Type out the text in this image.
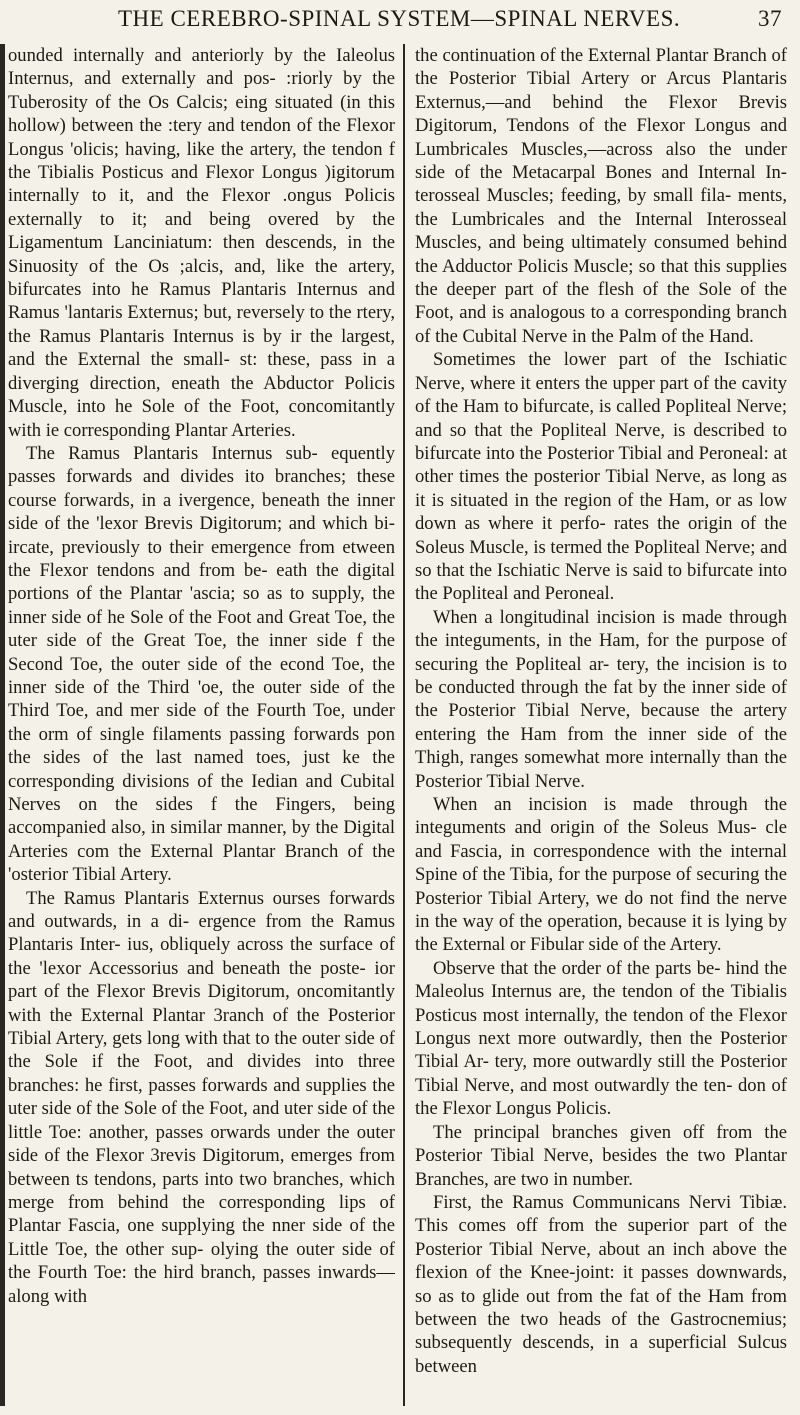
THE CEREBRO-SPINAL SYSTEM—SPINAL NERVES.	37

ounded internally and anteriorly by the Ialeolus Internus, and externally and pos- :riorly by the Tuberosity of the Os Calcis; eing situated (in this hollow) between the :tery and tendon of the Flexor Longus 'olicis; having, like the artery, the tendon f the Tibialis Posticus and Flexor Longus )igitorum internally to it, and the Flexor .ongus Policis externally to it; and being overed by the Ligamentum Lanciniatum: then descends, in the Sinuosity of the Os ;alcis, and, like the artery, bifurcates into he Ramus Plantaris Internus and Ramus 'lantaris Externus; but, reversely to the rtery, the Ramus Plantaris Internus is by ir the largest, and the External the small- st: these, pass in a diverging direction, eneath the Abductor Policis Muscle, into he Sole of the Foot, concomitantly with ie corresponding Plantar Arteries.

The Ramus Plantaris Internus sub- equently passes forwards and divides ito branches; these course forwards, in a ivergence, beneath the inner side of the 'lexor Brevis Digitorum; and which bi- ircate, previously to their emergence from etween the Flexor tendons and from be- eath the digital portions of the Plantar 'ascia; so as to supply, the inner side of he Sole of the Foot and Great Toe, the uter side of the Great Toe, the inner side f the Second Toe, the outer side of the econd Toe, the inner side of the Third 'oe, the outer side of the Third Toe, and mer side of the Fourth Toe, under the orm of single filaments passing forwards pon the sides of the last named toes, just ke the corresponding divisions of the Iedian and Cubital Nerves on the sides f the Fingers, being accompanied also, in similar manner, by the Digital Arteries com the External Plantar Branch of the 'osterior Tibial Artery.

The Ramus Plantaris Externus ourses forwards and outwards, in a di- ergence from the Ramus Plantaris Inter- ius, obliquely across the surface of the 'lexor Accessorius and beneath the poste- ior part of the Flexor Brevis Digitorum, oncomitantly with the External Plantar 3ranch of the Posterior Tibial Artery, gets long with that to the outer side of the Sole if the Foot, and divides into three branches: he first, passes forwards and supplies the uter side of the Sole of the Foot, and uter side of the little Toe: another, passes orwards under the outer side of the Flexor 3revis Digitorum, emerges from between ts tendons, parts into two branches, which merge from behind the corresponding lips of Plantar Fascia, one supplying the nner side of the Little Toe, the other sup- olying the outer side of the Fourth Toe: the hird branch, passes inwards—along with

the continuation of the External Plantar Branch of the Posterior Tibial Artery or Arcus Plantaris Externus,—and behind the Flexor Brevis Digitorum, Tendons of the Flexor Longus and Lumbricales Muscles,—across also the under side of the Metacarpal Bones and Internal In- terosseal Muscles; feeding, by small fila- ments, the Lumbricales and the Internal Interosseal Muscles, and being ultimately consumed behind the Adductor Policis Muscle; so that this supplies the deeper part of the flesh of the Sole of the Foot, and is analogous to a corresponding branch of the Cubital Nerve in the Palm of the Hand.

Sometimes the lower part of the Ischiatic Nerve, where it enters the upper part of the cavity of the Ham to bifurcate, is called Popliteal Nerve; and so that the Popliteal Nerve, is described to bifurcate into the Posterior Tibial and Peroneal: at other times the posterior Tibial Nerve, as long as it is situated in the region of the Ham, or as low down as where it perfo- rates the origin of the Soleus Muscle, is termed the Popliteal Nerve; and so that the Ischiatic Nerve is said to bifurcate into the Popliteal and Peroneal.

When a longitudinal incision is made through the integuments, in the Ham, for the purpose of securing the Popliteal ar- tery, the incision is to be conducted through the fat by the inner side of the Posterior Tibial Nerve, because the artery entering the Ham from the inner side of the Thigh, ranges somewhat more internally than the Posterior Tibial Nerve.

When an incision is made through the integuments and origin of the Soleus Mus- cle and Fascia, in correspondence with the internal Spine of the Tibia, for the purpose of securing the Posterior Tibial Artery, we do not find the nerve in the way of the operation, because it is lying by the External or Fibular side of the Artery.

Observe that the order of the parts be- hind the Maleolus Internus are, the tendon of the Tibialis Posticus most internally, the tendon of the Flexor Longus next more outwardly, then the Posterior Tibial Ar- tery, more outwardly still the Posterior Tibial Nerve, and most outwardly the ten- don of the Flexor Longus Policis.

The principal branches given off from the Posterior Tibial Nerve, besides the two Plantar Branches, are two in number.

First, the Ramus Communicans Nervi Tibiæ. This comes off from the superior part of the Posterior Tibial Nerve, about an inch above the flexion of the Knee-joint: it passes downwards, so as to glide out from the fat of the Ham from between the two heads of the Gastrocnemius; subsequently descends, in a superficial Sulcus between
